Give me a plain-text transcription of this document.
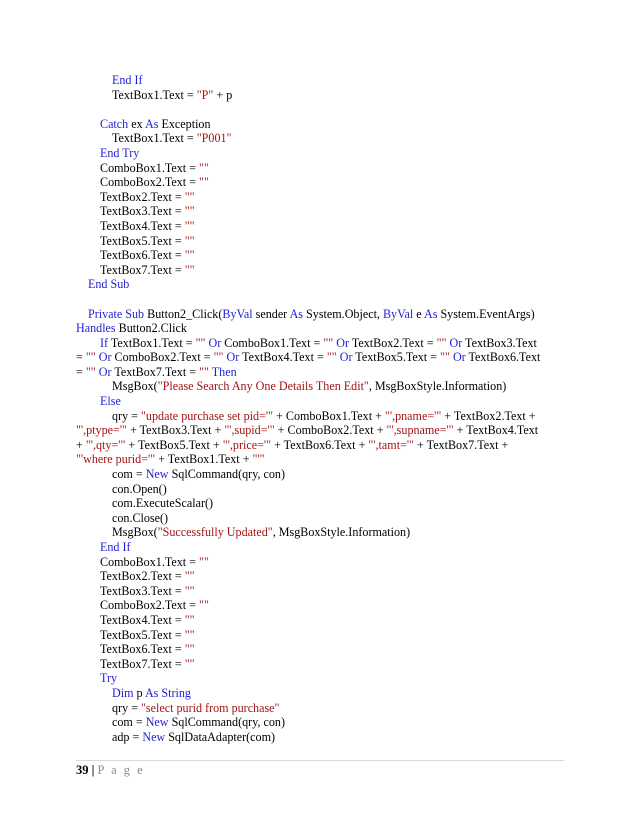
End If
TextBox1.Text = "P" + p
Catch ex As Exception
TextBox1.Text = "P001"
End Try
ComboBox1.Text = ""
ComboBox2.Text = ""
TextBox2.Text = ""
TextBox3.Text = ""
TextBox4.Text = ""
TextBox5.Text = ""
TextBox6.Text = ""
TextBox7.Text = ""
End Sub
Private Sub Button2_Click(ByVal sender As System.Object, ByVal e As System.EventArgs)
Handles Button2.Click
If TextBox1.Text = "" Or ComboBox1.Text = "" Or TextBox2.Text = "" Or TextBox3.Text
= "" Or ComboBox2.Text = "" Or TextBox4.Text = "" Or TextBox5.Text = "" Or TextBox6.Text
= "" Or TextBox7.Text = "" Then
MsgBox("Please Search Any One Details Then Edit", MsgBoxStyle.Information)
Else
qry = "update purchase set pid='" + ComboBox1.Text + "',pname='" + TextBox2.Text +
"',ptype='" + TextBox3.Text + "',supid='" + ComboBox2.Text + "',supname='" + TextBox4.Text
+ "',qty='" + TextBox5.Text + "',price='" + TextBox6.Text + "',tamt='" + TextBox7.Text +
"'where purid='" + TextBox1.Text + "'"
com = New SqlCommand(qry, con)
con.Open()
com.ExecuteScalar()
con.Close()
MsgBox("Successfully Updated", MsgBoxStyle.Information)
End If
ComboBox1.Text = ""
TextBox2.Text = ""
TextBox3.Text = ""
ComboBox2.Text = ""
TextBox4.Text = ""
TextBox5.Text = ""
TextBox6.Text = ""
TextBox7.Text = ""
Try
Dim p As String
qry = "select purid from purchase"
com = New SqlCommand(qry, con)
adp = New SqlDataAdapter(com)
39 | P a g e
